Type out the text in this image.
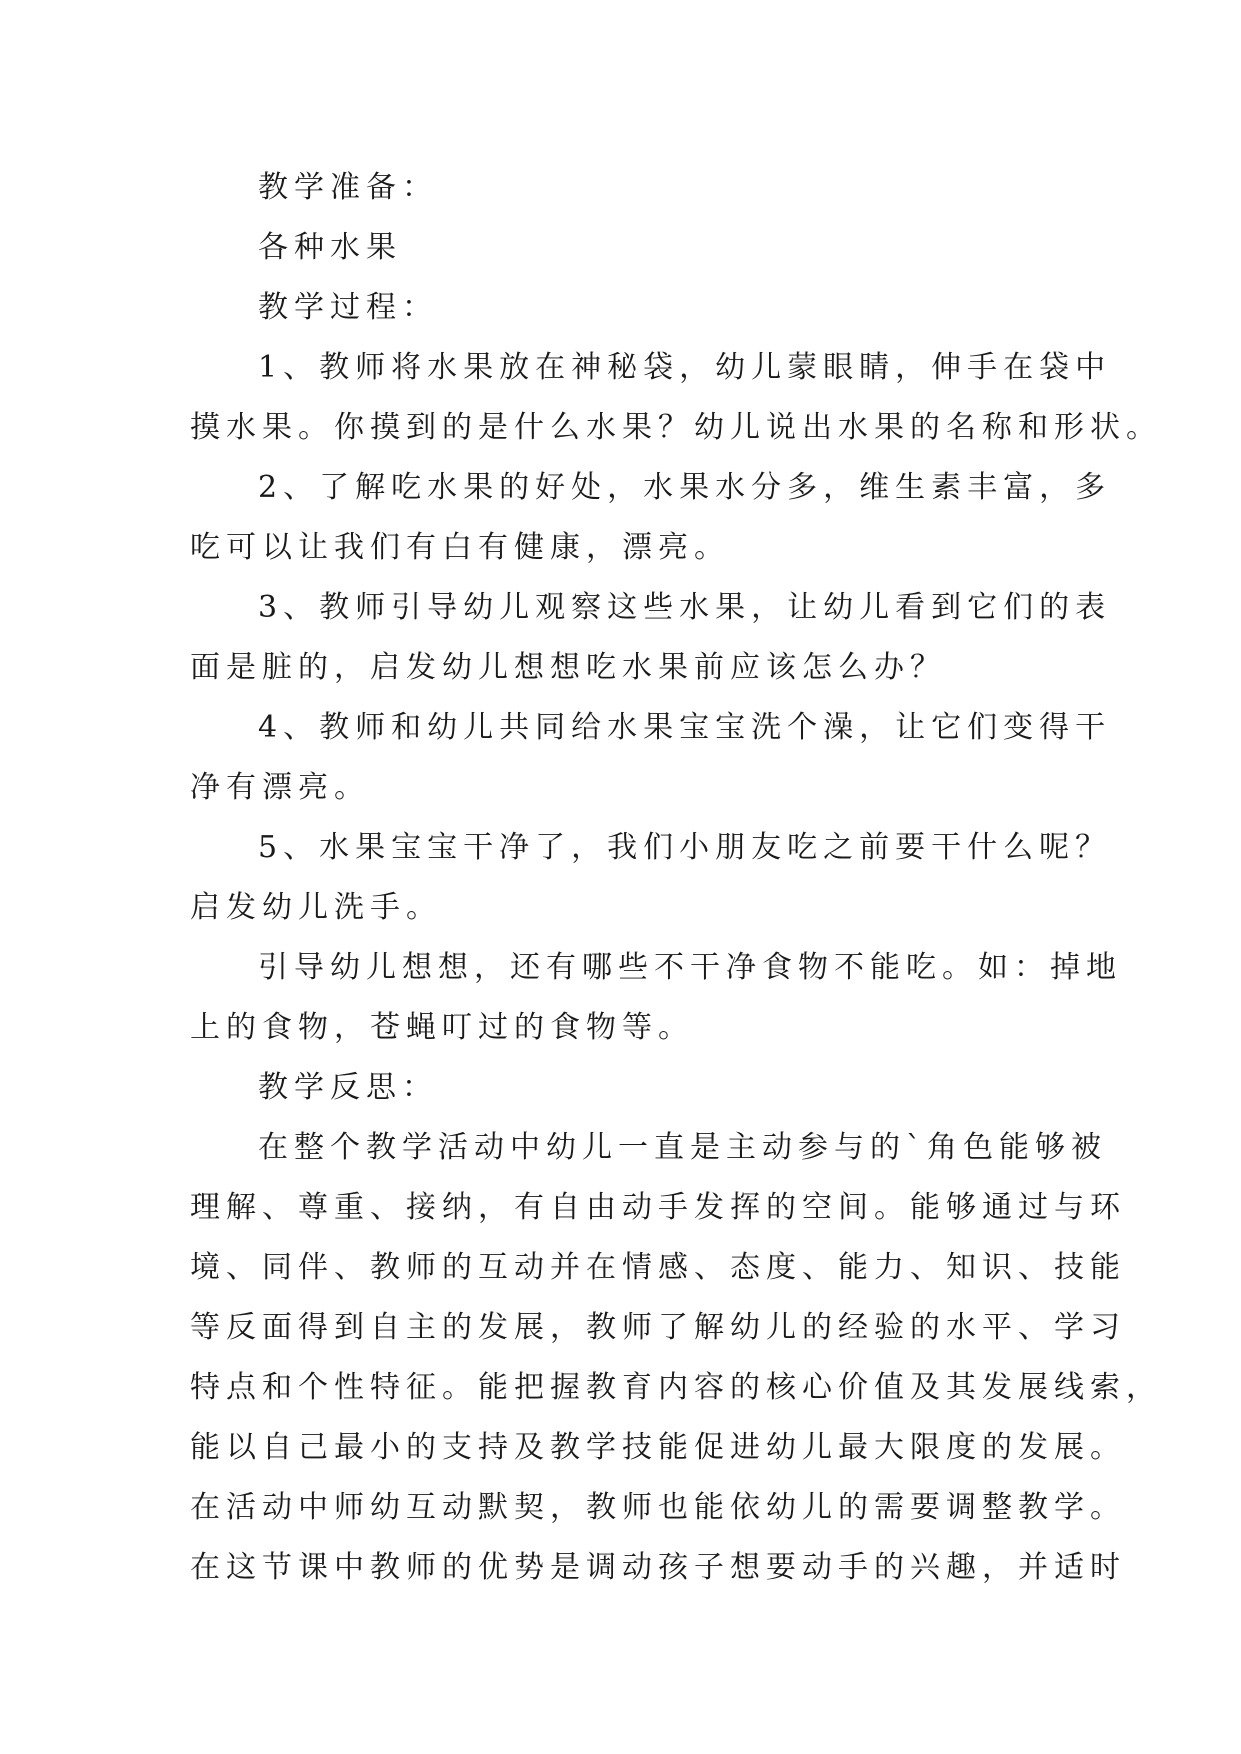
教学准备：
各种水果
教学过程：
1、教师将水果放在神秘袋，幼儿蒙眼睛，伸手在袋中
摸水果。你摸到的是什么水果？幼儿说出水果的名称和形状。
2、了解吃水果的好处，水果水分多，维生素丰富，多
吃可以让我们有白有健康，漂亮。
3、教师引导幼儿观察这些水果，让幼儿看到它们的表
面是脏的，启发幼儿想想吃水果前应该怎么办？
4、教师和幼儿共同给水果宝宝洗个澡，让它们变得干
净有漂亮。
5、水果宝宝干净了，我们小朋友吃之前要干什么呢？
启发幼儿洗手。
引导幼儿想想，还有哪些不干净食物不能吃。如：掉地
上的食物，苍蝇叮过的食物等。
教学反思：
在整个教学活动中幼儿一直是主动参与的`角色能够被
理解、尊重、接纳，有自由动手发挥的空间。能够通过与环
境、同伴、教师的互动并在情感、态度、能力、知识、技能
等反面得到自主的发展，教师了解幼儿的经验的水平、学习
特点和个性特征。能把握教育内容的核心价值及其发展线索，
能以自己最小的支持及教学技能促进幼儿最大限度的发展。
在活动中师幼互动默契，教师也能依幼儿的需要调整教学。
在这节课中教师的优势是调动孩子想要动手的兴趣，并适时
